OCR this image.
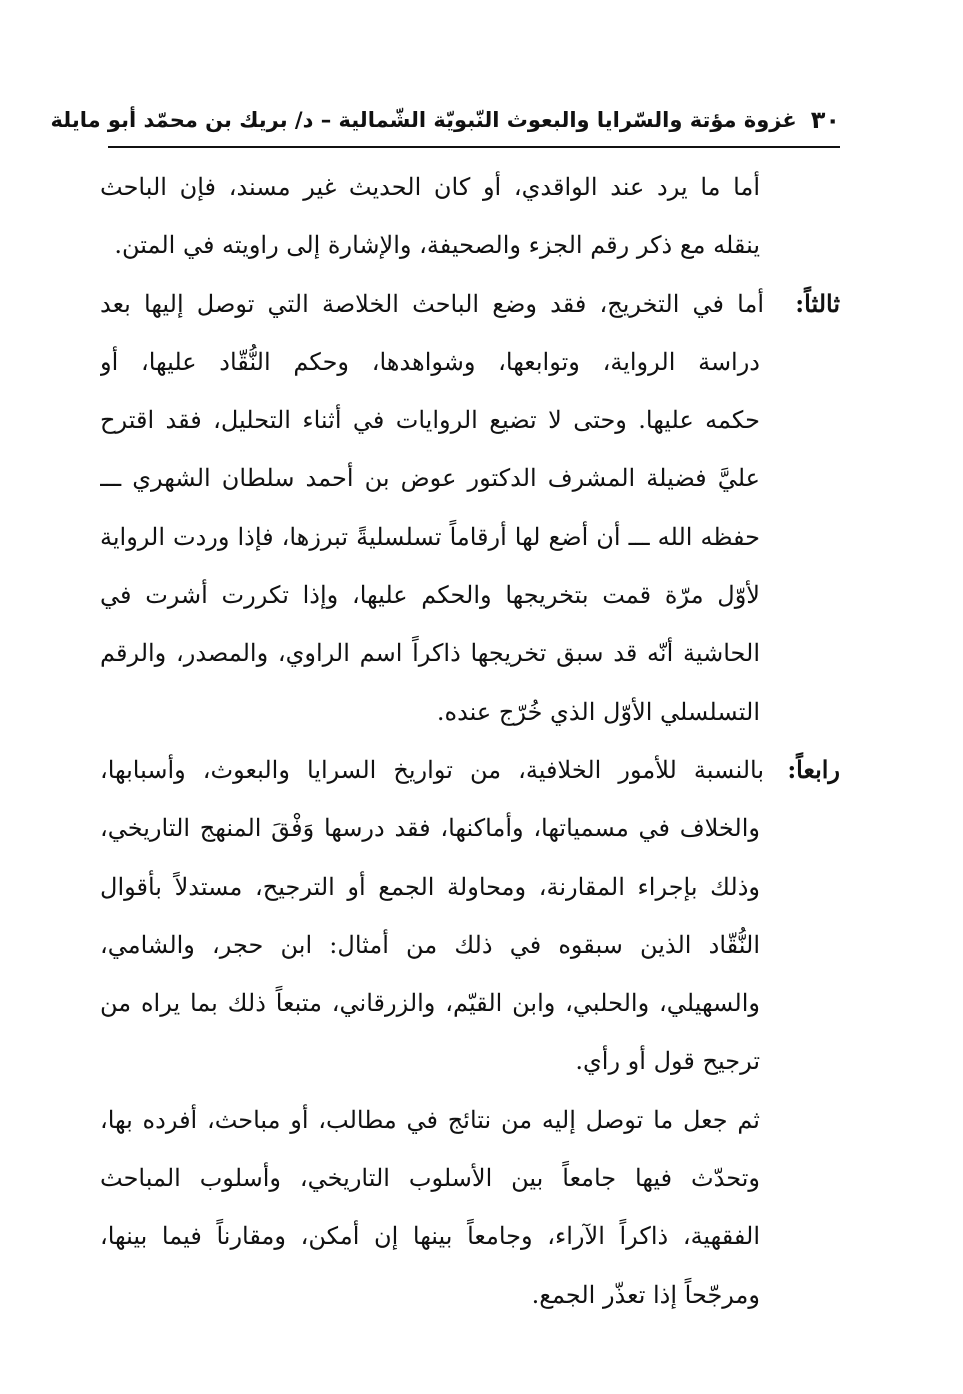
٣٠
غزوة مؤتة والسّرايا والبعوث النّبويّة الشّمالية – د/ بريك بن محمّد أبو مايلة
أما ما يرد عند الواقدي، أو كان الحديث غير مسند، فإن الباحث
ينقله مع ذكر رقم الجزء والصحيفة، والإشارة إلى راويته في المتن.
ثالثاً:
أما في التخريج، فقد وضع الباحث الخلاصة التي توصل إليها بعد
دراسة الرواية، وتوابعها، وشواهدها، وحكم النُّقّاد عليها، أو
حكمه عليها. وحتى لا تضيع الروايات في أثناء التحليل، فقد اقترح
عليَّ فضيلة المشرف الدكتور عوض بن أحمد سلطان الشهري ـــ
حفظه الله ـــ أن أضع لها أرقاماً تسلسليةً تبرزها، فإذا وردت الرواية
لأوّل مرّة قمت بتخريجها والحكم عليها، وإذا تكررت أشرت في
الحاشية أنّه قد سبق تخريجها ذاكراً اسم الراوي، والمصدر، والرقم
التسلسلي الأوّل الذي خُرّج عنده.
رابعاً:
بالنسبة للأمور الخلافية، من تواريخ السرايا والبعوث، وأسبابها،
والخلاف في مسمياتها، وأماكنها، فقد درسها وَفْقَ المنهج التاريخي،
وذلك بإجراء المقارنة، ومحاولة الجمع أو الترجيح، مستدلاً بأقوال
النُّقّاد الذين سبقوه في ذلك من أمثال: ابن حجر، والشامي،
والسهيلي، والحلبي، وابن القيّم، والزرقاني، متبعاً ذلك بما يراه من
ترجيح قول أو رأي.
ثم جعل ما توصل إليه من نتائج في مطالب، أو مباحث، أفرده بها،
وتحدّث فيها جامعاً بين الأسلوب التاريخي، وأسلوب المباحث
الفقهية، ذاكراً الآراء، وجامعاً بينها إن أمكن، ومقارناً فيما بينها،
ومرجّحاً إذا تعذّر الجمع.
